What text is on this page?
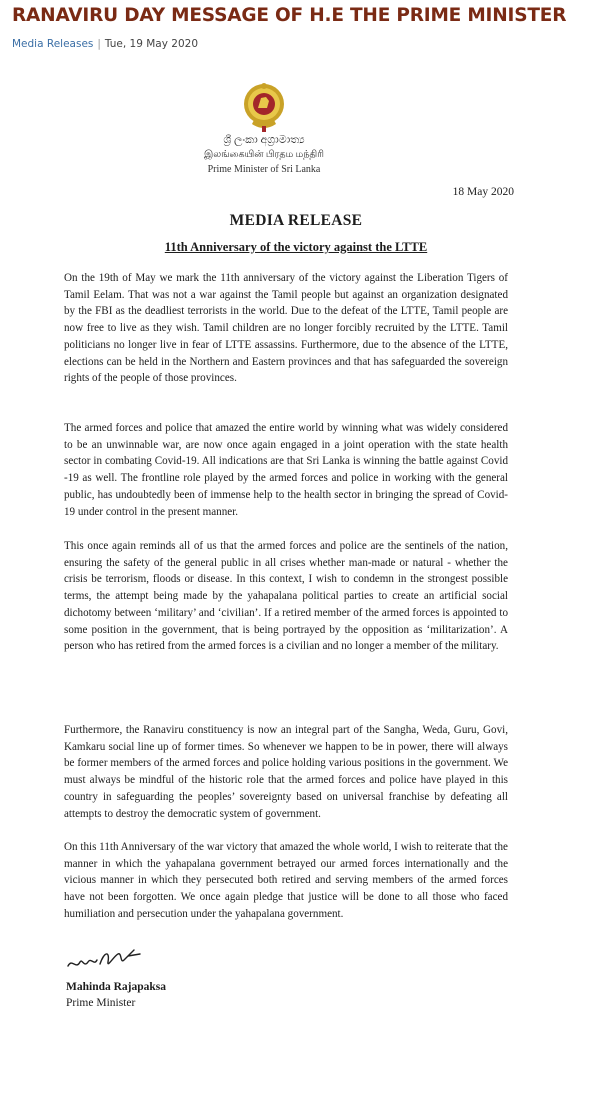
RANAVIRU DAY MESSAGE OF H.E THE PRIME MINISTER
Media Releases | Tue, 19 May 2020
ශ්‍රී ලංකා අග්‍රාමාත්‍ය
இலங்கையின் பிரதம மந்திரி
Prime Minister of Sri Lanka
18 May 2020
MEDIA RELEASE
11th Anniversary of the victory against the LTTE

On the 19th of May we mark the 11th anniversary of the victory against the Liberation Tigers of Tamil Eelam. That was not a war against the Tamil people but against an organization designated by the FBI as the deadliest terrorists in the world. Due to the defeat of the LTTE, Tamil people are now free to live as they wish. Tamil children are no longer forcibly recruited by the LTTE. Tamil politicians no longer live in fear of LTTE assassins. Furthermore, due to the absence of the LTTE, elections can be held in the Northern and Eastern provinces and that has safeguarded the sovereign rights of the people of those provinces.

The armed forces and police that amazed the entire world by winning what was widely considered to be an unwinnable war, are now once again engaged in a joint operation with the state health sector in combating Covid-19. All indications are that Sri Lanka is winning the battle against Covid -19 as well. The frontline role played by the armed forces and police in working with the general public, has undoubtedly been of immense help to the health sector in bringing the spread of Covid-19 under control in the present manner.

This once again reminds all of us that the armed forces and police are the sentinels of the nation, ensuring the safety of the general public in all crises whether man-made or natural - whether the crisis be terrorism, floods or disease. In this context, I wish to condemn in the strongest possible terms, the attempt being made by the yahapalana political parties to create an artificial social dichotomy between ‘military’ and ‘civilian’. If a retired member of the armed forces is appointed to some position in the government, that is being portrayed by the opposition as ‘militarization’. A person who has retired from the armed forces is a civilian and no longer a member of the military.

Furthermore, the Ranaviru constituency is now an integral part of the Sangha, Weda, Guru, Govi, Kamkaru social line up of former times. So whenever we happen to be in power, there will always be former members of the armed forces and police holding various positions in the government. We must always be mindful of the historic role that the armed forces and police have played in this country in safeguarding the peoples’ sovereignty based on universal franchise by defeating all attempts to destroy the democratic system of government.

On this 11th Anniversary of the war victory that amazed the whole world, I wish to reiterate that the manner in which the yahapalana government betrayed our armed forces internationally and the vicious manner in which they persecuted both retired and serving members of the armed forces have not been forgotten. We once again pledge that justice will be done to all those who faced humiliation and persecution under the yahapalana government.

Mahinda Rajapaksa
Prime Minister
